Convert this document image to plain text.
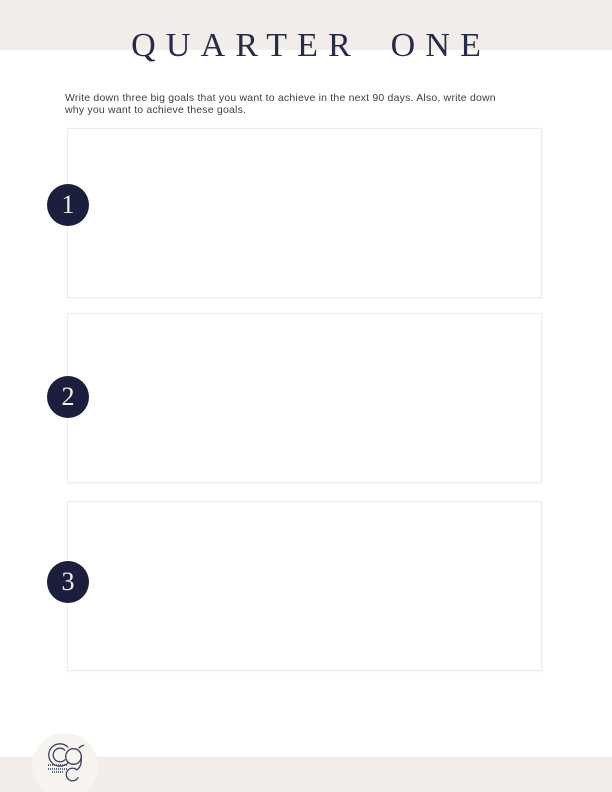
QUARTER ONE
Write down three big goals that you want to achieve in the next 90 days. Also, write down
why you want to achieve these goals.
1
2
3
